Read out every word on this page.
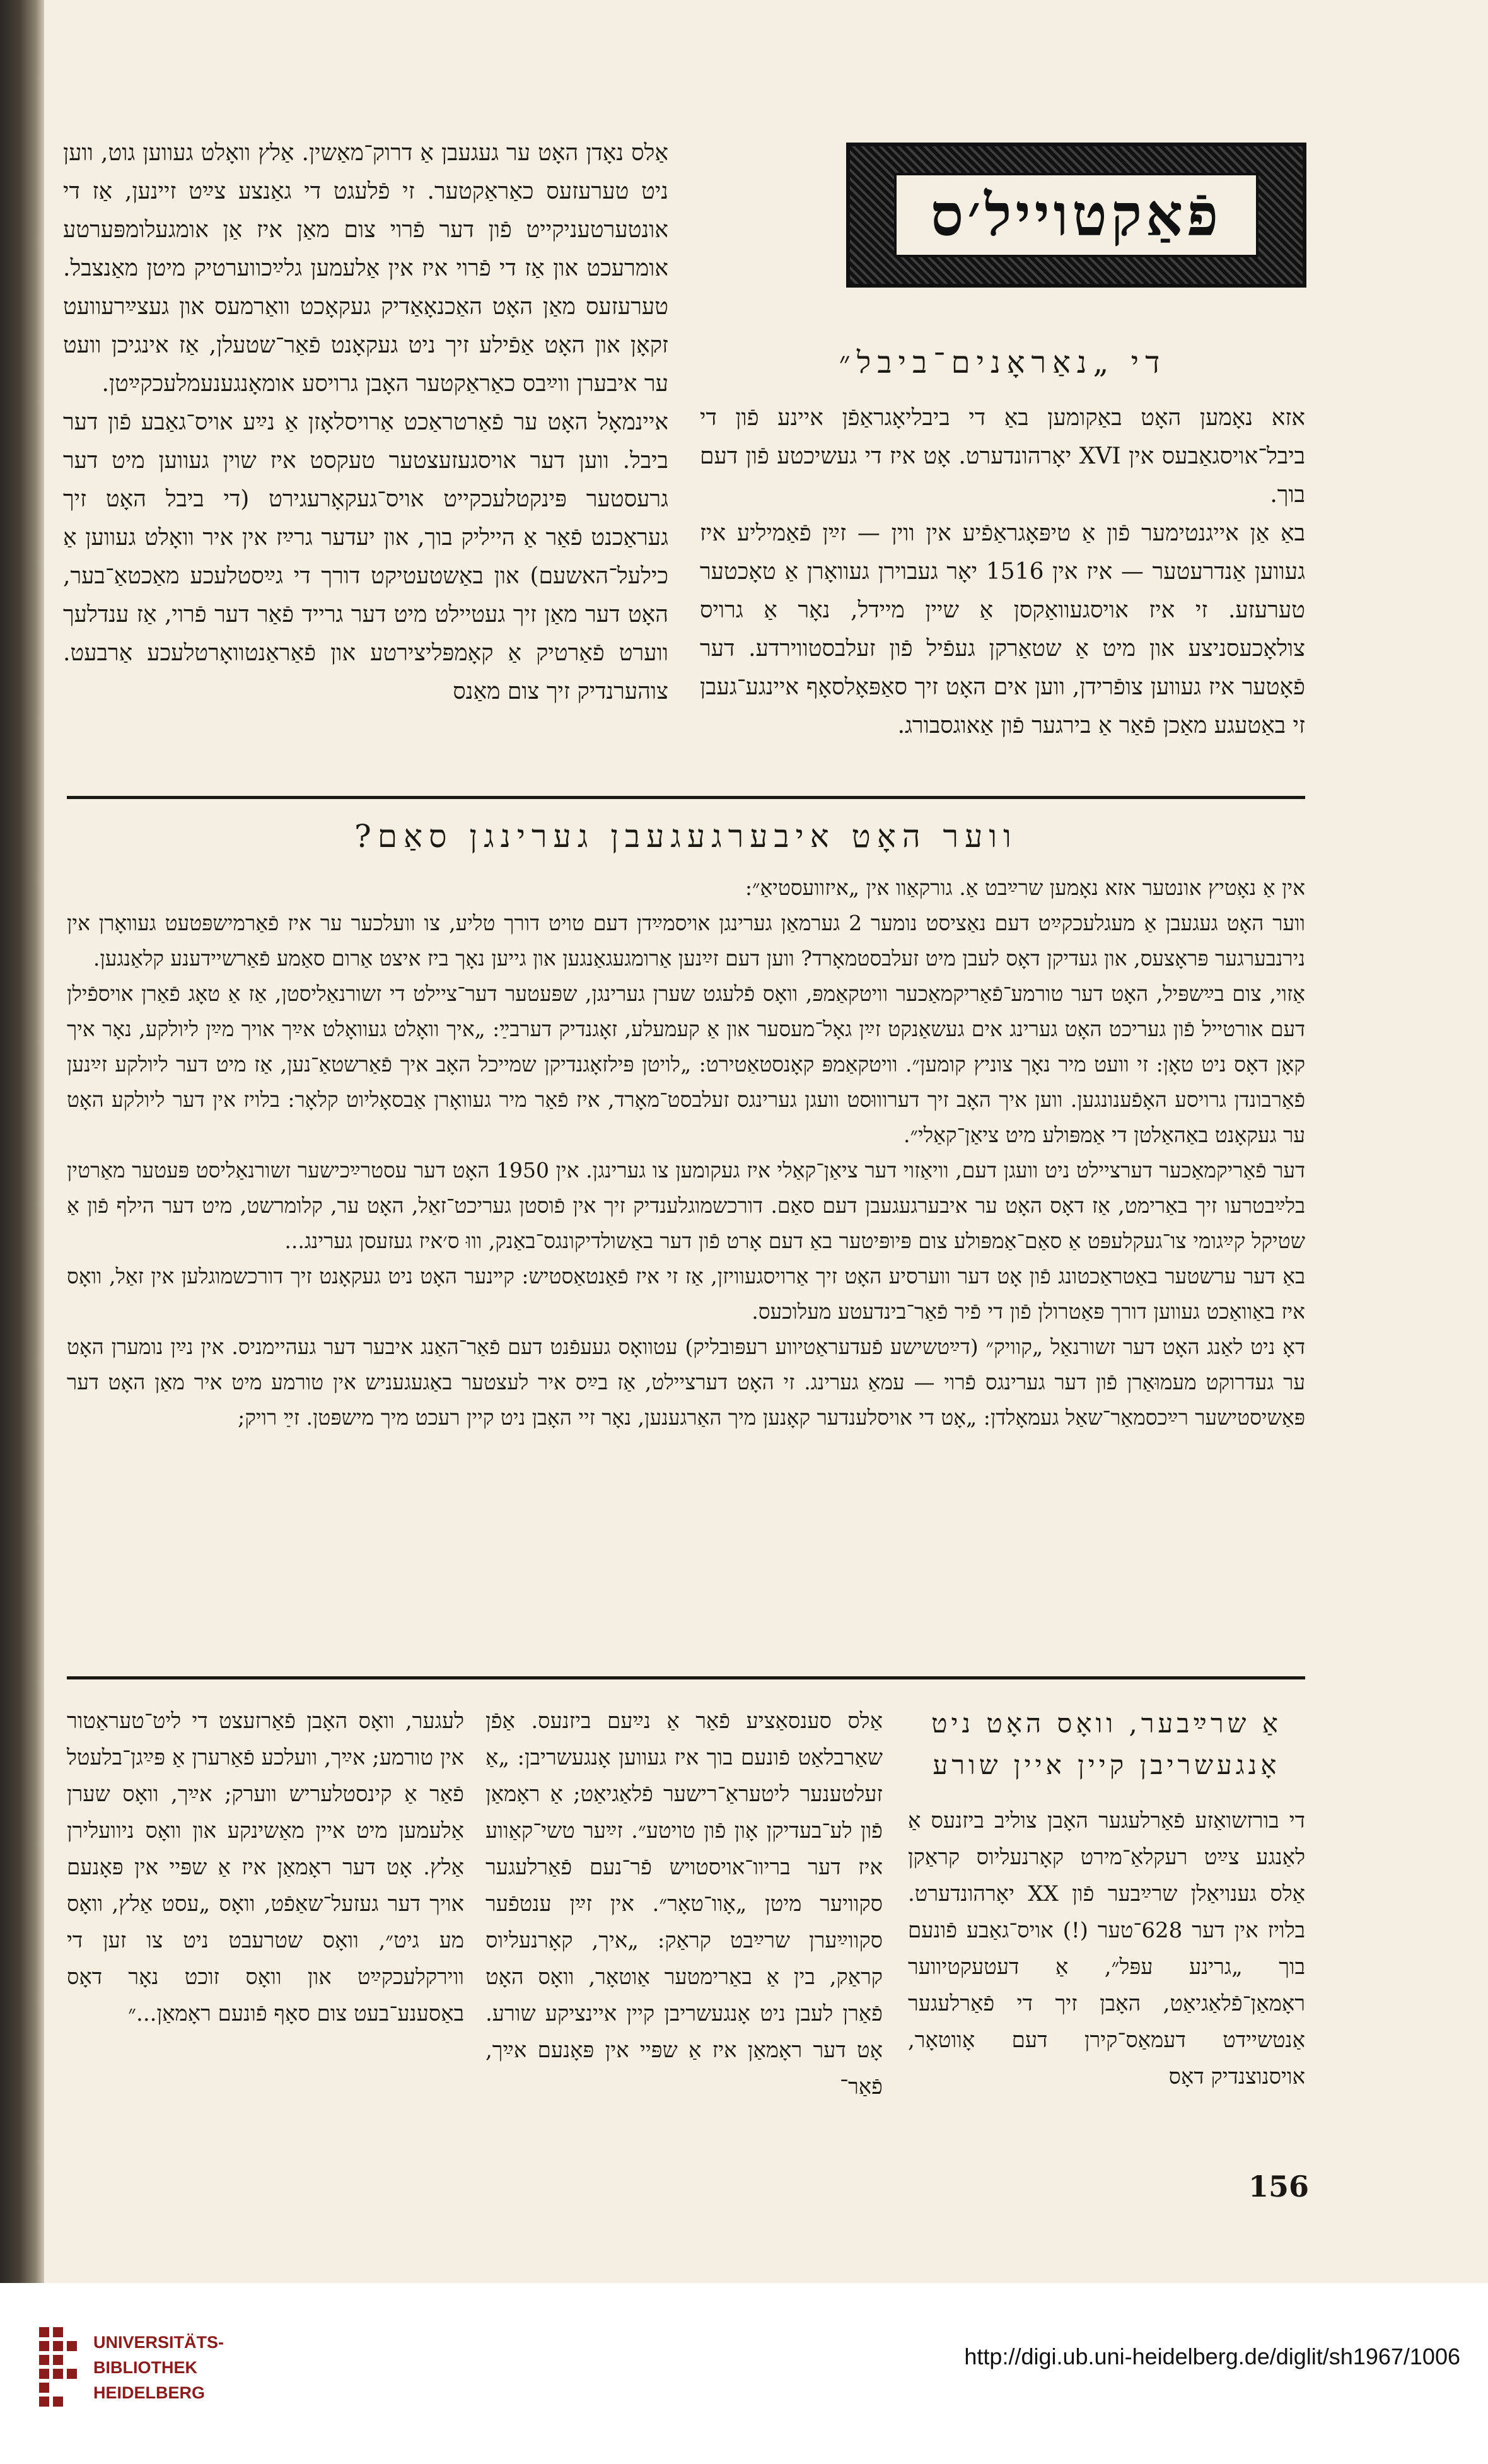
פֿאַקטוייל׳ס
די „נאַראָנים־ביבל״

אזא נאָמען האָט באַקומען באַ די ביבליאָגראַפֿן איינע פֿון די ביבל־אויסגאַבעס אין XVI יאָרהונדערט. אָט איז די געשיכטע פֿון דעם בוך.

באַ אַן אייגנטימער פֿון אַ טיפּאָגראַפֿיע אין ווין — זײַן פֿאַמיליע איז געווען אַנדרעטער — איז אין 1516 יאָר געבוירן געוואָרן אַ טאָכטער טערעזע. זי איז אויסגעוואַקסן אַ שיין מיידל, נאָר אַ גרויס צולאָכעסניצע און מיט אַ שטאַרקן געפֿיל פֿון זעלבסטווירדע. דער פֿאָטער איז געווען צופֿרידן, ווען אים האָט זיך סאַפּאָלסאָף איינגע־געבן זי באַטעגע מאַכן פֿאַר אַ בירגער פֿון אַאוגסבורג.

אַלס נאָדן האָט ער געגעבן אַ דרוק־מאַשין. אַלץ וואָלט געווען גוט, ווען ניט טערעזעס כאַראַקטער. זי פֿלעגט די גאַנצע צײַט זיינען, אַז די אונטערטעניקייט פֿון דער פֿרוי צום מאַן איז אַן אומגעלומפּערטע אומרעכט און אַז די פֿרוי איז אין אַלעמען גלײַכווערטיק מיטן מאַנצבל. טערעזעס מאַן האָט האַכנאָאַדיק געקאָכט וואַרמעס און געצײַרעוועט זקאָן און האָט אַפֿילע זיך ניט געקאָנט פֿאַר־שטעלן, אַז אינגיכן וועט ער איבערן ווײַבס כאַראַקטער האָבן גרויסע אומאָנגענעמלעכקײַטן.

איינמאָל האָט ער פֿאַרטראַכט אַרויסלאָזן אַ נײַע אויס־גאַבע פֿון דער ביבל. ווען דער אויסגעזעצטער טעקסט איז שוין געווען מיט דער גרעסטער פּינקטלעכקייט אויס־געקאָרעגירט (די ביבל האָט זיך געראַכנט פֿאַר אַ הייליק בוך, און יעדער גרײַז אין איר וואָלט געווען אַ כילעל־האשעם) און באַשטעטיקט דורך די גײַסטלעכע מאַכטאַ־בער, האָט דער מאַן זיך געטיילט מיט דער גרייד פֿאַר דער פֿרוי, אַז ענדלעך ווערט פֿאַרטיק אַ קאָמפּליצירטע און פֿאַראַנטוואָרטלעכע אַרבעט. צוהערנדיק זיך צום מאַנס

ווער האָט איבערגעגעבן גערינגן סאַם?

אין אַ נאָטיץ אונטער אזא נאָמען שרײַבט אַ. גורקאַוו אין „איזוועסטיאַ״:

ווער האָט געגעבן אַ מעגלעכקײַט דעם נאַציסט נומער 2 גערמאַן גערינגן אויסמײַדן דעם טויט דורך טליע, צו וועלכער ער איז פֿאַרמישפּטעט געוואָרן אין נירנבערגער פּראָצעס, און געדיקן דאָס לעבן מיט זעלבסטמאָרד? ווען דעם זײַנען אַרומגעגאַנגען און גייען נאָך ביז איצט אַרום סאַמע פֿאַרשיידענע קלאַנגען.

אַזוי, צום בײַשפּיל, האָט דער טורמע־פֿאַריקמאַכער וויטקאַמפּ, וואָס פֿלעגט שערן גערינגן, שפּעטער דער־ציילט די זשורנאַליסטן, אַז אַ טאָג פֿאַרן אויספֿילן דעם אורטייל פֿון געריכט האָט גערינג אים געשאַנקט זײַן גאָל־מעסער און אַ קעמעלע, זאָגנדיק דערבײַ: „איך וואָלט געוואָלט אײַך אויך מײַן ליולקע, נאָר איך קאָן דאָס ניט טאָן: זי וועט מיר נאָך צוניץ קומען״. וויטקאַמפּ קאָנסטאַטירט: „לויטן פּילזאָגנדיקן שמייכל האָב איך פֿאַרשטאַ־נען, אַז מיט דער ליולקע זײַנען פֿאַרבונדן גרויסע האָפֿענונגען. ווען איך האָב זיך דערוווּסט וועגן גערינגס זעלבסט־מאָרד, איז פֿאַר מיר געוואָרן אַבסאָליוט קלאָר: בלויז אין דער ליולקע האָט ער געקאָנט באַהאַלטן די אַמפּולע מיט ציאַן־קאַלי״.

דער פֿאַריקמאַכער דערציילט ניט וועגן דעם, וויאַזוי דער ציאַן־קאַלי איז געקומען צו גערינגן. אין 1950 האָט דער עסטרײַכישער זשורנאַליסט פּעטער מאַרטין בלײַבטרעו זיך באַרימט, אַז דאָס האָט ער איבערגעגעבן דעם סאַם. דורכשמוגלענדיק זיך אין פֿוסטן געריכט־זאַל, האָט ער, קלומרשט, מיט דער הילף פֿון אַ שטיקל קײַגומי צו־געקלעפּט אַ סאַם־אַמפּולע צום פּיופּיטער באַ דעם אָרט פֿון דער באַשולדיקונגס־באַנק, וווּ ס׳איז געזעסן גערינג...

באַ דער ערשטער באַטראַכטונג פֿון אָט דער ווערסיע האָט זיך אַרויסגעוויזן, אַז זי איז פֿאַנטאַסטיש: קײנער האָט ניט געקאָנט זיך דורכשמוגלען אין זאַל, וואָס איז באַוואַכט געווען דורך פּאַטרולן פֿון די פֿיר פֿאַר־בינדעטע מעלוכעס.

דאָ ניט לאַנג האָט דער זשורנאַל „קוויק״ (דײַטשישע פֿעדעראַטיווע רעפּובליק) עטוואָס געעפֿנט דעם פֿאַר־האַנג איבער דער געהיימניס. אין נײַן נומערן האָט ער געדרוקט מעמוּאַרן פֿון דער גערינגס פֿרוי — עמאַ גערינג. זי האָט דערציילט, אַז בײַס איר לעצטער באַגעגעניש אין טורמע מיט איר מאַן האָט דער פּאַשיסטישער רײַכסמאַר־שאַל געמאָלדן: „אָט די אויסלענדער קאָנען מיך האַרגענען, נאָר זיי האָבן ניט קיין רעכט מיך מישפּטן. זײַ רויק;

אַ שרײַבער, וואָס האָט ניט אָנגעשריבן קיין איין שורע

די בורזשואַזע פֿאַרלעגער האָבן צוליב ביזנעס אַ לאַנגע צײַט רעקלאַ־מירט קאָרנעליוס קראַקן אַלס גענויאַלן שרײַבער פֿון XX יאָרהונדערט. בלויז אין דער 628־טער (!) אויס־גאַבע פֿונעם בוך „גרינע עפּל״, אַ דעטעקטיווער ראָמאַן־פֿלאַגיאַט, האָבן זיך די פֿאַרלעגער אַנטשיידט דעמאַס־קירן דעם אָווטאָר, אויסנוצנדיק דאָס

אַלס סענסאַציע פֿאַר אַ נײַעם ביזנעס. אַפֿן שאַרבלאַט פֿונעם בוך איז געווען אָנגעשריבן: „אַ זעלטענער ליטעראַ־רישער פֿלאַגיאַט; אַ ראָמאַן פֿון לע־בעדיקן אָון פֿון טויטע״. זײַער טשי־קאַווע איז דער בריוו־אויסטויש פֿר־נעם פֿאַרלעגער סקוויער מיטן „אָוו־טאָר״. אין זײַן ענטפֿער סקווײַערן שרײַבט קראַק: „איך, קאָרנעליוס קראַק, בין אַ באַרימטער אַוטאָר, וואָס האָט פֿאַרן לעבן ניט אָנגעשריבן קיין איינציקע שורע. אָט דער ראָמאַן איז אַ שפּיי אין פּאָנעם אײַך, פֿאַר־

לעגער, וואָס האָבן פֿאַרזעצט די ליט־טעראַטור אין טורמע; אײַך, וועלכע פֿאַרערן אַ פּײַגן־בלעטל פֿאַר אַ קינסטלעריש ווערק; אײַך, וואָס שערן אַלעמען מיט איין מאַשינקע און וואָס ניוועלירן אַלץ. אָט דער ראָמאַן איז אַ שפּיי אין פּאָנעם אויך דער געזעל־שאַפֿט, וואָס „עסט אַלץ, וואָס מע גיט״, וואָס שטרעבט ניט צו זען די ווירקלעכקײַט און וואָס זוכט נאָר דאָס באַסענע־בעט צום סאָף פֿונעם ראָמאַן...״

156
UNIVERSITÄTS-
BIBLIOTHEK
HEIDELBERG
http://digi.ub.uni-heidelberg.de/diglit/sh1967/1006
